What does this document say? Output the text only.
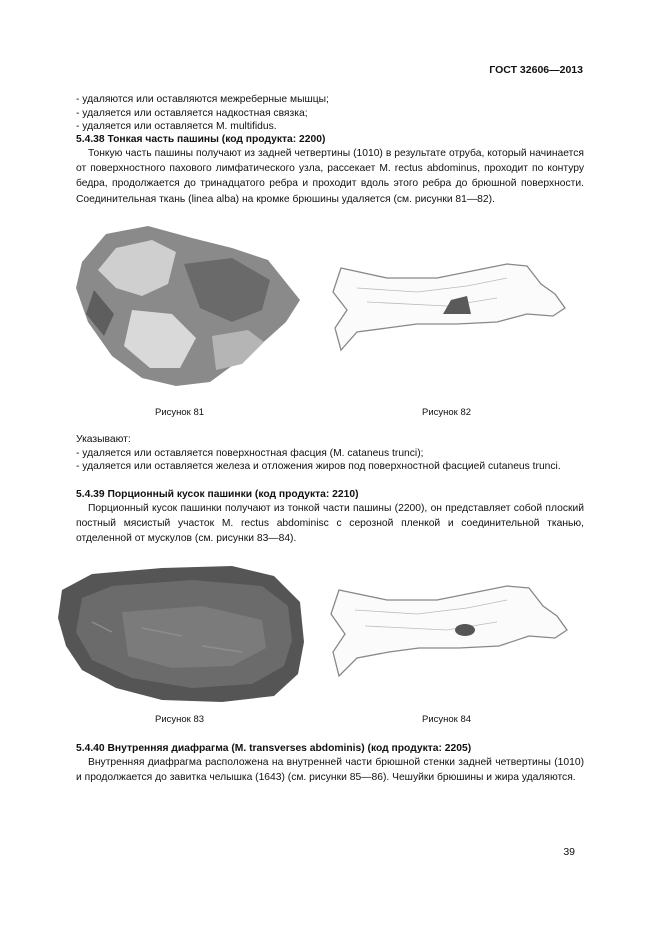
ГОСТ 32606—2013
- удаляются или оставляются межреберные мышцы;
- удаляется или оставляется надкостная связка;
- удаляется или оставляется M. multifidus.
5.4.38 Тонкая часть пашины (код продукта: 2200)
Тонкую часть пашины получают из задней четвертины (1010) в результате отруба, который начинается от поверхностного пахового лимфатического узла, рассекает M. rectus abdominus, проходит по контуру бедра, продолжается до тринадцатого ребра и проходит вдоль этого ребра до брюшной поверхности. Соединительная ткань (linea alba) на кромке брюшины удаляется (см. рисунки 81—82).
Рисунок 81	Рисунок 82
Указывают:
- удаляется или оставляется поверхностная фасция (M. cataneus trunci);
- удаляется или оставляется железа и отложения жиров под поверхностной фасцией cutaneus trunci.
5.4.39 Порционный кусок пашинки (код продукта: 2210)
Порционный кусок пашинки получают из тонкой части пашины (2200), он представляет собой плоский постный мясистый участок M. rectus abdominisc с серозной пленкой и соединительной тканью, отделенной от мускулов (см. рисунки 83—84).
Рисунок 83	Рисунок 84
5.4.40 Внутренняя диафрагма (M. transverses abdominis) (код продукта: 2205)
Внутренняя диафрагма расположена на внутренней части брюшной стенки задней четвертины (1010) и продолжается до завитка челышка (1643) (см. рисунки 85—86). Чешуйки брюшины и жира удаляются.
39
